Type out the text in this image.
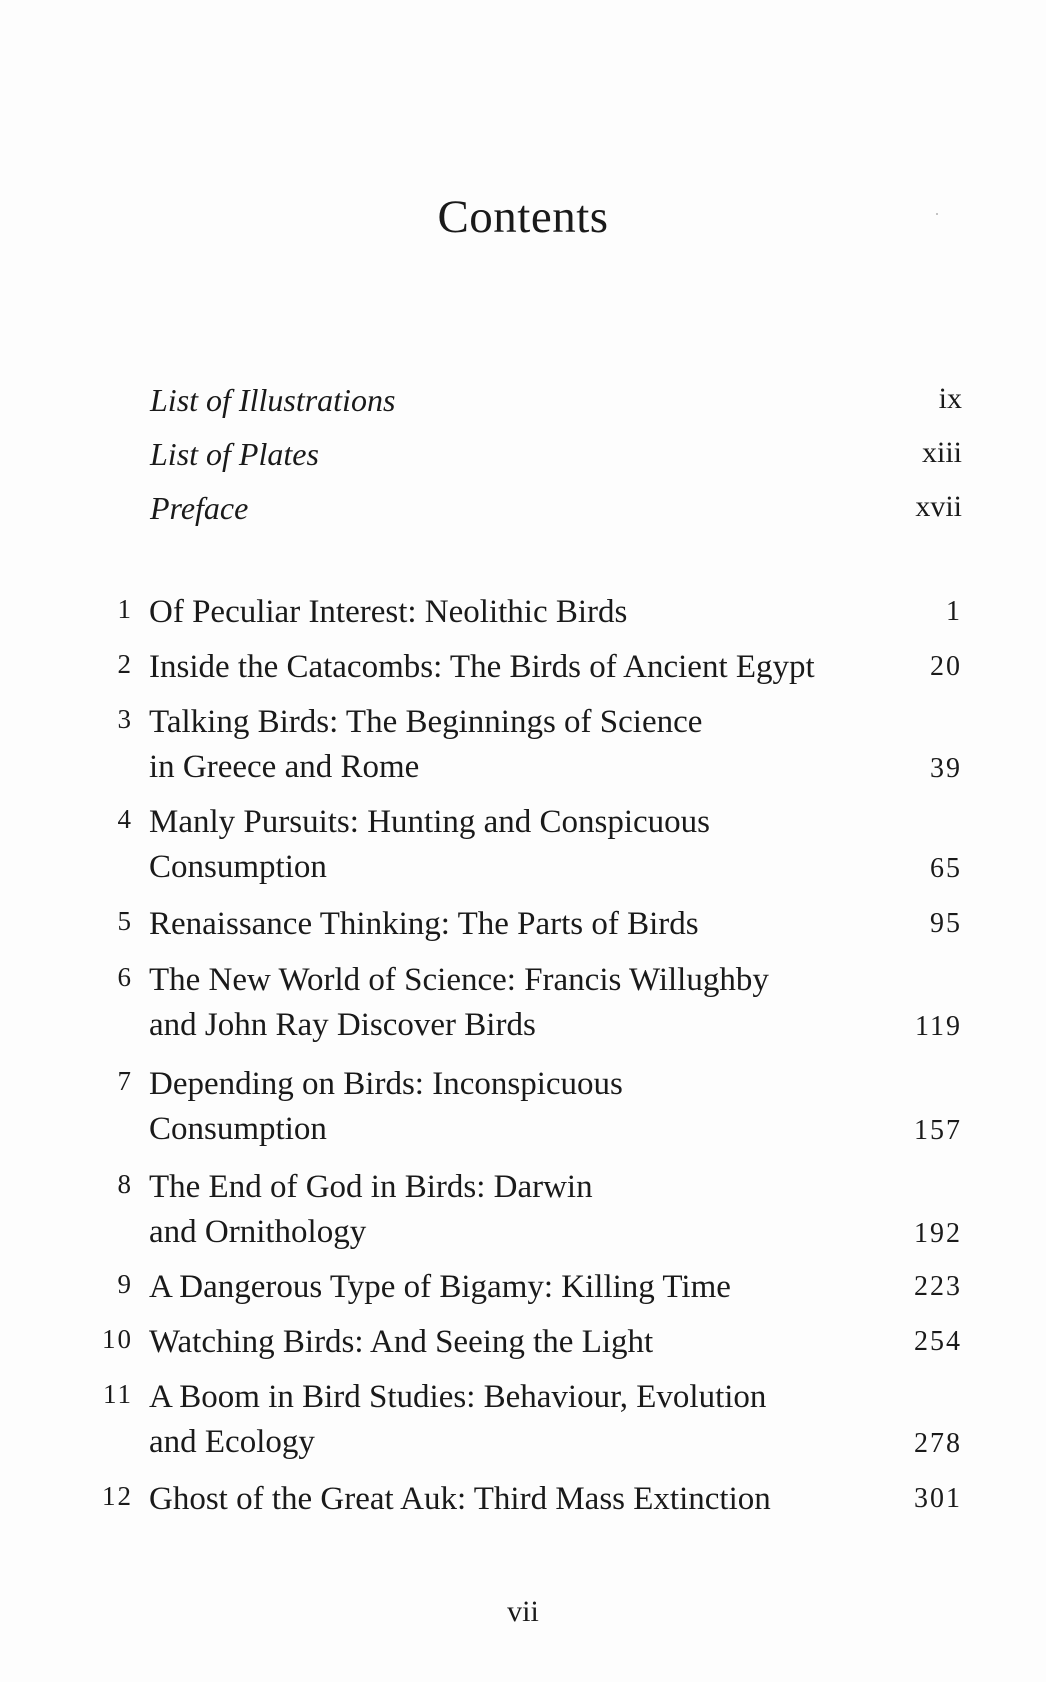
Contents
List of Illustrations	ix
List of Plates	xiii
Preface	xvii
1 Of Peculiar Interest: Neolithic Birds	1
2 Inside the Catacombs: The Birds of Ancient Egypt	20
3 Talking Birds: The Beginnings of Science
in Greece and Rome	39
4 Manly Pursuits: Hunting and Conspicuous
Consumption	65
5 Renaissance Thinking: The Parts of Birds	95
6 The New World of Science: Francis Willughby
and John Ray Discover Birds	119
7 Depending on Birds: Inconspicuous
Consumption	157
8 The End of God in Birds: Darwin
and Ornithology	192
9 A Dangerous Type of Bigamy: Killing Time	223
10 Watching Birds: And Seeing the Light	254
11 A Boom in Bird Studies: Behaviour, Evolution
and Ecology	278
12 Ghost of the Great Auk: Third Mass Extinction	301
vii
